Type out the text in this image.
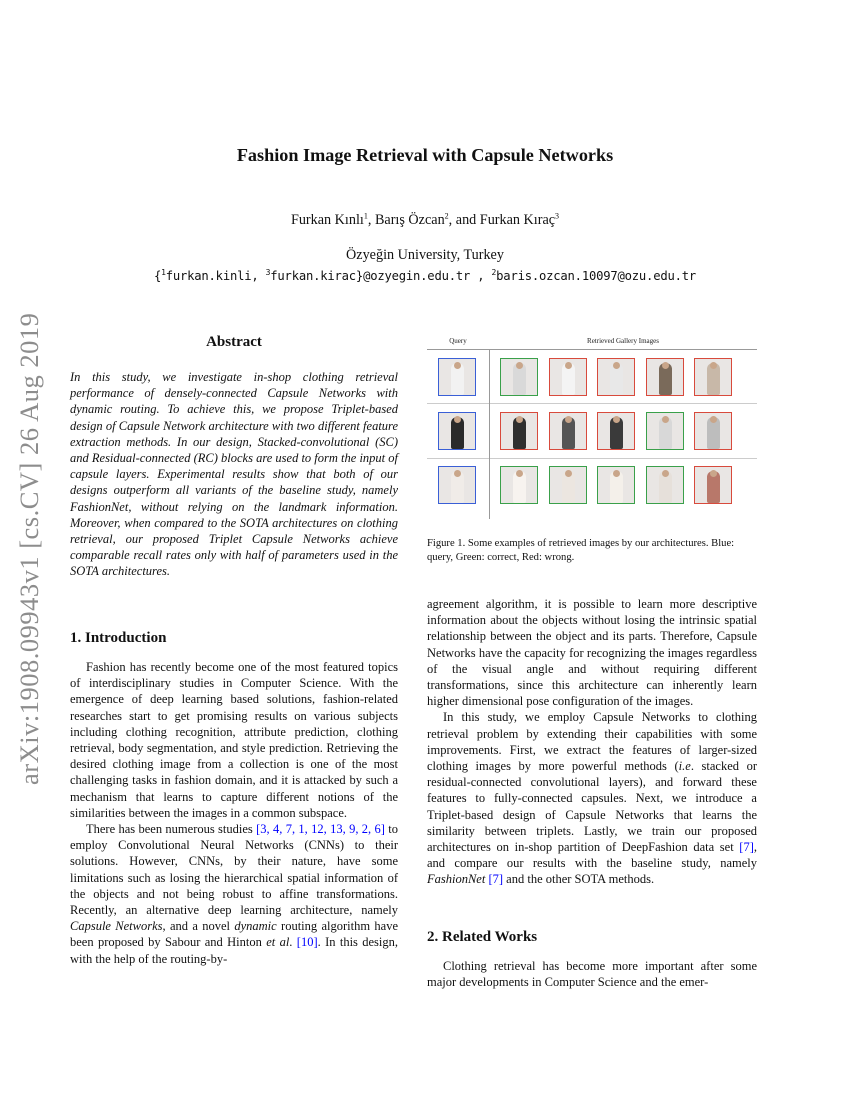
Fashion Image Retrieval with Capsule Networks
Furkan Kınlı$^1$, Barış Özcan$^2$, and Furkan Kıraç$^3$
Özyeğin University, Turkey
{$^1$furkan.kinli, $^3$furkan.kirac}@ozyegin.edu.tr , $^2$baris.ozcan.10097@ozu.edu.tr
arXiv:1908.09943v1 [cs.CV] 26 Aug 2019	Abstract
In this study, we investigate in-shop clothing retrieval performance of densely-connected Capsule Networks with dynamic routing. To achieve this, we propose Triplet-based design of Capsule Network architecture with two different feature extraction methods. In our design, Stacked-convolutional (SC) and Residual-connected (RC) blocks are used to form the input of capsule layers. Experimental results show that both of our designs outperform all variants of the baseline study, namely FashionNet, without relying on the landmark information. Moreover, when compared to the SOTA architectures on clothing retrieval, our proposed Triplet Capsule Networks achieve comparable recall rates only with half of parameters used in the SOTA architectures.
1. Introduction

Fashion has recently become one of the most featured topics of interdisciplinary studies in Computer Science. With the emergence of deep learning based solutions, fashion-related researches start to get promising results on various subjects including clothing recognition, attribute prediction, clothing retrieval, body segmentation, and style prediction. Retrieving the desired clothing image from a collection is one of the most challenging tasks in fashion domain, and it is attacked by such a mechanism that learns to capture different notions of the similarities between the images in a common subspace.

There has been numerous studies [3, 4, 7, 1, 12, 13, 9, 2, 6] to employ Convolutional Neural Networks (CNNs) to their solutions. However, CNNs, by their nature, have some limitations such as losing the hierarchical spatial information of the objects and not being robust to affine transformations. Recently, an alternative deep learning architecture, namely Capsule Networks, and a novel dynamic routing algorithm have been proposed by Sabour and Hinton et al. [10]. In this design, with the help of the routing-by-

Query	Retrieved Gallery Images
Figure 1. Some examples of retrieved images by our architectures. Blue: query, Green: correct, Red: wrong.

agreement algorithm, it is possible to learn more descriptive information about the objects without losing the intrinsic spatial relationship between the object and its parts. Therefore, Capsule Networks have the capacity for recognizing the images regardless of the visual angle and without requiring different transformations, since this architecture can inherently learn higher dimensional pose configuration of the images.

In this study, we employ Capsule Networks to clothing retrieval problem by extending their capabilities with some improvements. First, we extract the features of larger-sized clothing images by more powerful methods (i.e. stacked or residual-connected convolutional layers), and forward these features to fully-connected capsules. Next, we introduce a Triplet-based design of Capsule Networks that learns the similarity between triplets. Lastly, we train our proposed architectures on in-shop partition of DeepFashion data set [7], and compare our results with the baseline study, namely FashionNet [7] and the other SOTA methods.

2. Related Works

Clothing retrieval has become more important after some major developments in Computer Science and the emer-
